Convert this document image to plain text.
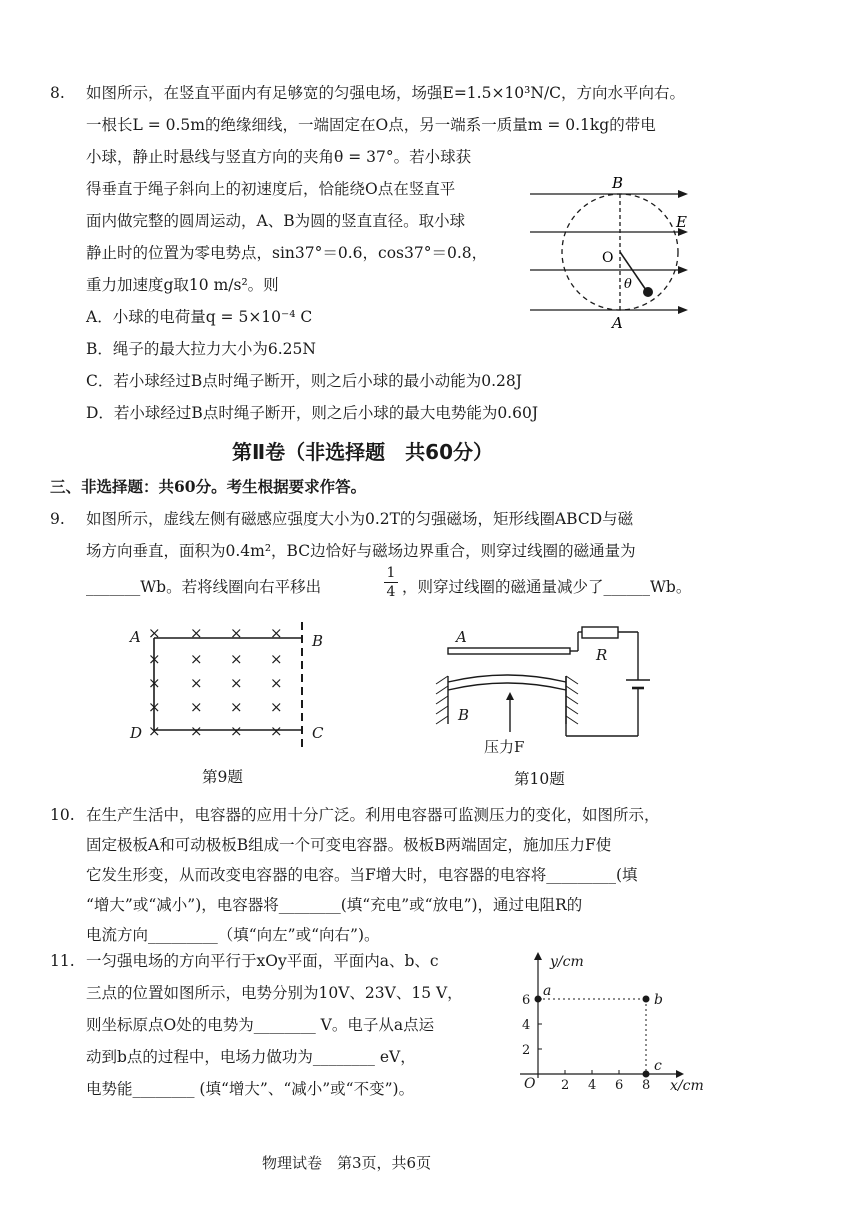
8. 如图所示，在竖直平面内有足够宽的匀强电场，场强E=1.5×10³N/C，方向水平向右。
一根长L = 0.5m的绝缘细线，一端固定在O点，另一端系一质量m = 0.1kg的带电
小球，静止时悬线与竖直方向的夹角θ = 37°。若小球获
得垂直于绳子斜向上的初速度后，恰能绕O点在竖直平
面内做完整的圆周运动，A、B为圆的竖直直径。取小球
静止时的位置为零电势点，sin37°＝0.6，cos37°＝0.8，
重力加速度g取10 m/s²。则
A．小球的电荷量q = 5×10⁻⁴ C
B．绳子的最大拉力大小为6.25N
C．若小球经过B点时绳子断开，则之后小球的最小动能为0.28J
D．若小球经过B点时绳子断开，则之后小球的最大电势能为0.60J
B
E
O
θ
A
第Ⅱ卷（非选择题　共60分）
三、非选择题：共60分。考生根据要求作答。
9. 如图所示，虚线左侧有磁感应强度大小为0.2T的匀强磁场，矩形线圈ABCD与磁
场方向垂直，面积为0.4m²，BC边恰好与磁场边界重合，则穿过线圈的磁通量为
_______Wb。若将线圈向右平移出	$\frac{1}{4}$ ，则穿过线圈的磁通量减少了______Wb。
× × × ×
× × × ×
× × × ×
× × × ×
× × × ×
A	B
D	C
第9题
A
R
B
压力F
第10题
10. 在生产生活中，电容器的应用十分广泛。利用电容器可监测压力的变化，如图所示，
固定极板A和可动极板B组成一个可变电容器。极板B两端固定，施加压力F使
它发生形变，从而改变电容器的电容。当F增大时，电容器的电容将_________(填
“增大”或“减小”)，电容器将________(填“充电”或“放电”)，通过电阻R的
电流方向_________（填“向左”或“向右”)。
11. 一匀强电场的方向平行于xOy平面，平面内a、b、c
三点的位置如图所示，电势分别为10V、23V、15 V，
则坐标原点O处的电势为________ V。电子从a点运
动到b点的过程中，电场力做功为________ eV，
电势能________ (填“增大”、“减小”或“不变”)。
y/cm
x/cm
O 2 4 6 8
2
4
6
a
b
c
物理试卷　第3页，共6页
